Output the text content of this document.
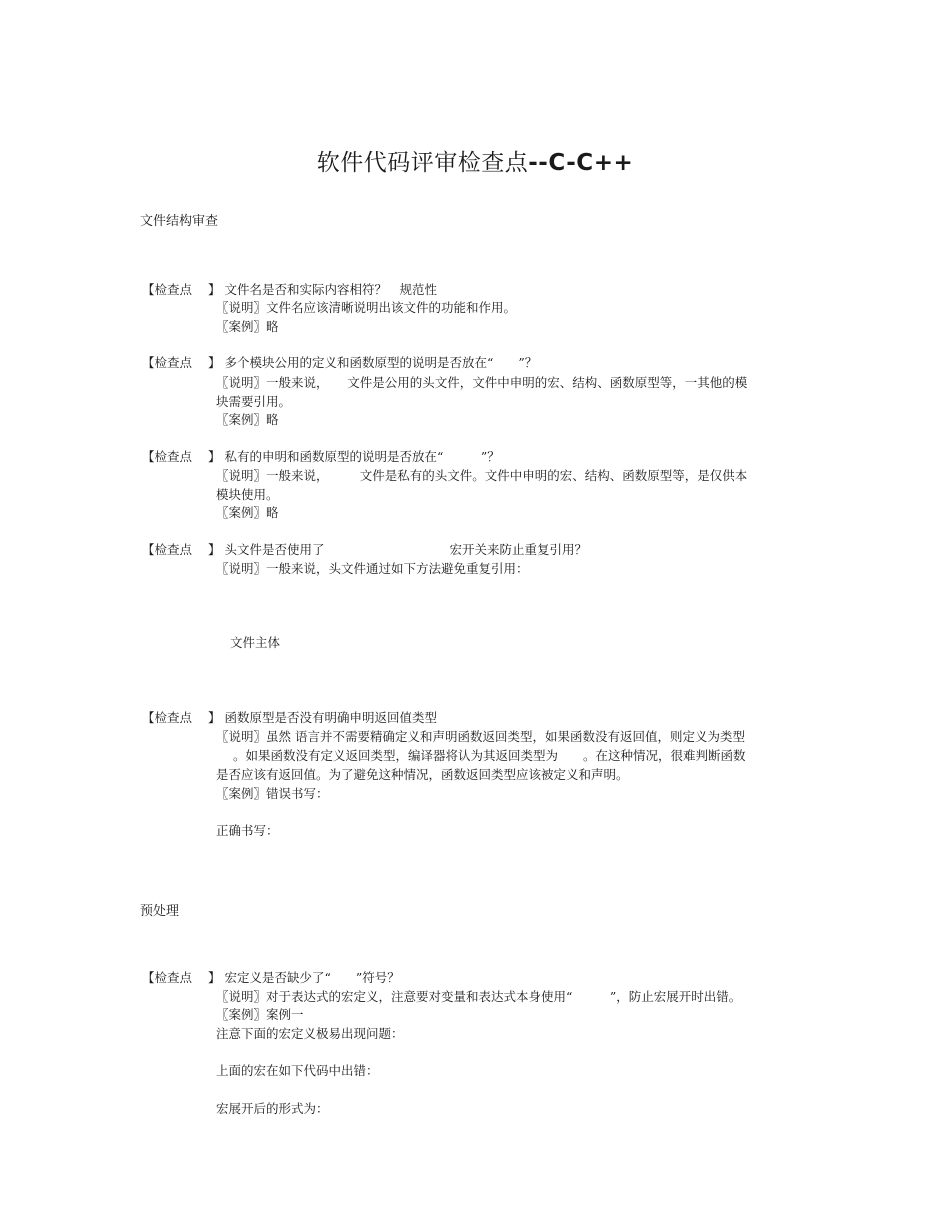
软件代码评审检查点--C-C++
文件结构审查
【检查点 】 文件名是否和实际内容相符？　规范性
〖说明〗文件名应该清晰说明出该文件的功能和作用。
〖案例〗略
【检查点 】 多个模块公用的定义和函数原型的说明是否放在“　　”？
〖说明〗一般来说，　　文件是公用的头文件，文件中申明的宏、结构、函数原型等，一其他的模
块需要引用。
〖案例〗略
【检查点 】 私有的申明和函数原型的说明是否放在“　　　”？
〖说明〗一般来说，　　　文件是私有的头文件。文件中申明的宏、结构、函数原型等，是仅供本
模块使用。
〖案例〗略
【检查点 】 头文件是否使用了　　　　　　　　　　宏开关来防止重复引用？
〖说明〗一般来说，头文件通过如下方法避免重复引用：
文件主体
【检查点 】 函数原型是否没有明确申明返回值类型
〖说明〗虽然 语言并不需要精确定义和声明函数返回类型，如果函数没有返回值，则定义为类型
　　。如果函数没有定义返回类型，编译器将认为其返回类型为　　。在这种情况，很难判断函数
是否应该有返回值。为了避免这种情况，函数返回类型应该被定义和声明。
〖案例〗错误书写：
正确书写：
预处理
【检查点 】 宏定义是否缺少了“　　”符号？
〖说明〗对于表达式的宏定义，注意要对变量和表达式本身使用“　　　”，防止宏展开时出错。
〖案例〗案例一
注意下面的宏定义极易出现问题：
上面的宏在如下代码中出错：
宏展开后的形式为：
